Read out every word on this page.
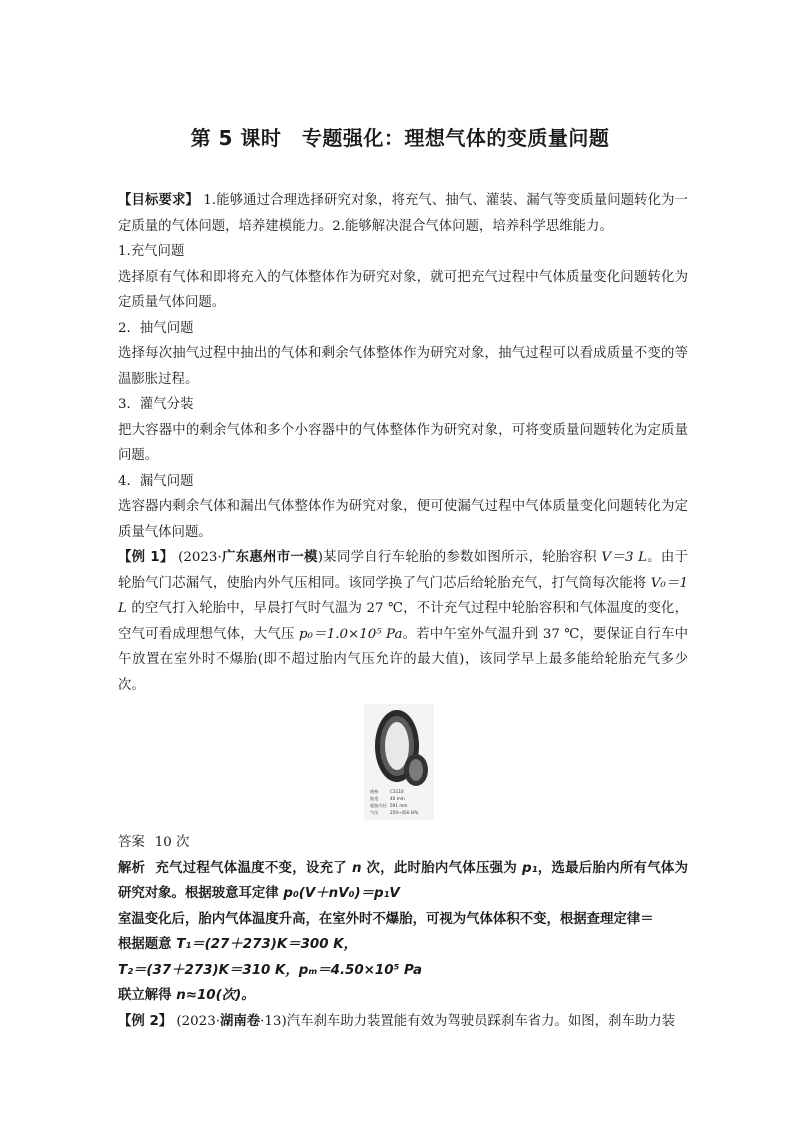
第 5 课时　专题强化：理想气体的变质量问题

【目标要求】 1.能够通过合理选择研究对象，将充气、抽气、灌装、漏气等变质量问题转化为一定质量的气体问题，培养建模能力。2.能够解决混合气体问题，培养科学思维能力。

1.充气问题

选择原有气体和即将充入的气体整体作为研究对象，就可把充气过程中气体质量变化问题转化为定质量气体问题。

2．抽气问题

选择每次抽气过程中抽出的气体和剩余气体整体作为研究对象，抽气过程可以看成质量不变的等温膨胀过程。

3．灌气分装

把大容器中的剩余气体和多个小容器中的气体整体作为研究对象，可将变质量问题转化为定质量问题。

4．漏气问题

选容器内剩余气体和漏出气体整体作为研究对象，便可使漏气过程中气体质量变化问题转化为定质量气体问题。

【例 1】 (2023·广东惠州市一模)某同学自行车轮胎的参数如图所示，轮胎容积 V＝3 L。由于轮胎气门芯漏气，使胎内外气压相同。该同学换了气门芯后给轮胎充气，打气筒每次能将 V₀＝1 L 的空气打入轮胎中，早晨打气时气温为 27 ℃，不计充气过程中轮胎容积和气体温度的变化，空气可看成理想气体，大气压 p₀＝1.0×10⁵ Pa。若中午室外气温升到 37 ℃，要保证自行车中午放置在室外时不爆胎(即不超过胎内气压允许的最大值)，该同学早上最多能给轮胎充气多少次。

规格	C3110
胎宽	40 mm
轮胎内径 591 mm
气压	250~450 kPa

答案 10 次

解析 充气过程气体温度不变，设充了 n 次，此时胎内气体压强为 p₁，选最后胎内所有气体为研究对象。根据玻意耳定律 p₀(V＋nV₀)＝p₁V

室温变化后，胎内气体温度升高，在室外时不爆胎，可视为气体体积不变，根据查理定律＝

根据题意 T₁＝(27＋273)K＝300 K，

T₂＝(37＋273)K＝310 K，pₘ＝4.50×10⁵ Pa

联立解得 n≈10(次)。

【例 2】 (2023·湖南卷·13)汽车刹车助力装置能有效为驾驶员踩刹车省力。如图，刹车助力装
